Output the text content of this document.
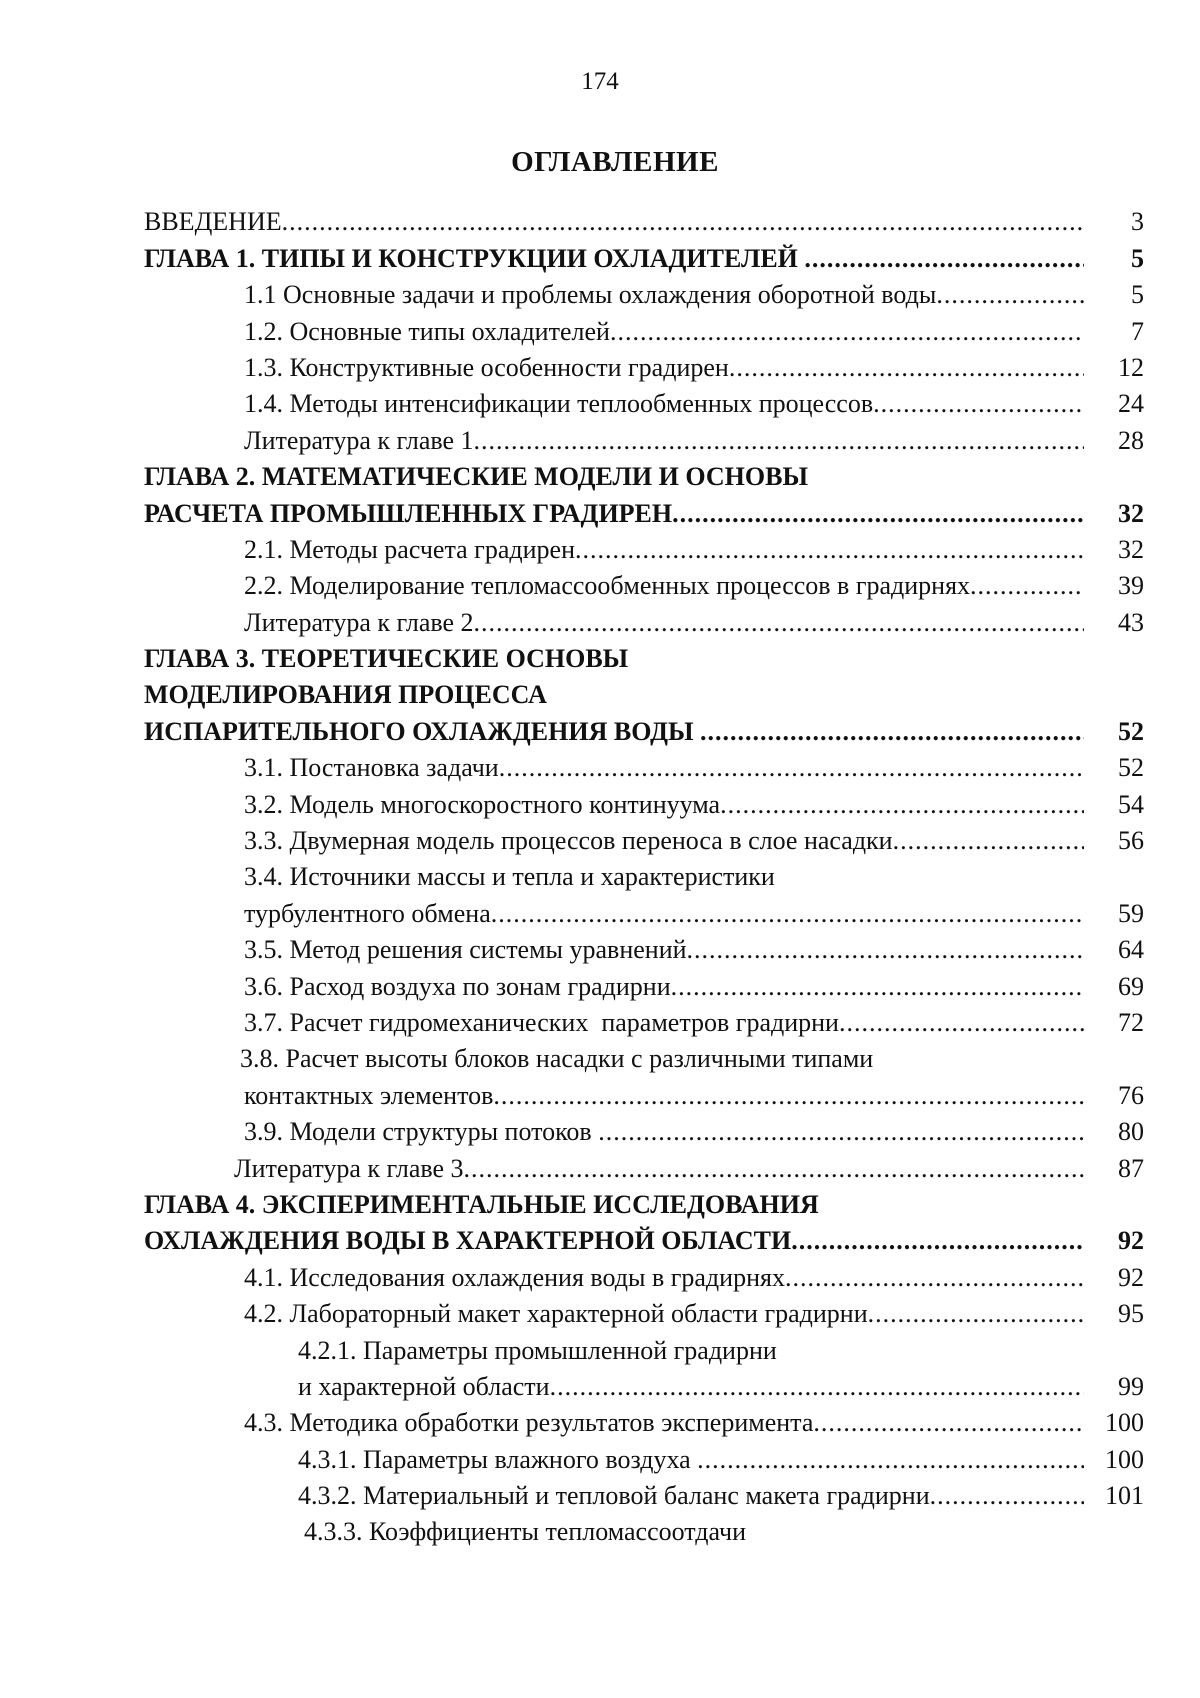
174
ОГЛАВЛЕНИЕ
ВВЕДЕНИЕ .....	3
ГЛАВА 1. ТИПЫ И КОНСТРУКЦИИ ОХЛАДИТЕЛЕЙ .....	5
1.1 Основные задачи и проблемы охлаждения оборотной воды .....	5
1.2. Основные типы охладителей .....	7
1.3. Конструктивные особенности градирен .....	12
1.4. Методы интенсификации теплообменных процессов .....	24
Литература к главе 1 .....	28
ГЛАВА 2. МАТЕМАТИЧЕСКИЕ МОДЕЛИ И ОСНОВЫ
РАСЧЕТА ПРОМЫШЛЕННЫХ ГРАДИРЕН .....	32
2.1. Методы расчета градирен .....	32
2.2. Моделирование тепломассообменных процессов в градирнях .....	39
Литература к главе 2 .....	43
ГЛАВА 3. ТЕОРЕТИЧЕСКИЕ ОСНОВЫ
МОДЕЛИРОВАНИЯ ПРОЦЕССА
ИСПАРИТЕЛЬНОГО ОХЛАЖДЕНИЯ ВОДЫ .....	52
3.1. Постановка задачи .....	52
3.2. Модель многоскоростного континуума .....	54
3.3. Двумерная модель процессов переноса в слое насадки .....	56
3.4. Источники массы и тепла и характеристики
турбулентного обмена .....	59
3.5. Метод решения системы уравнений .....	64
3.6. Расход воздуха по зонам градирни .....	69
3.7. Расчет гидромеханических  параметров градирни .....	72
3.8. Расчет высоты блоков насадки с различными типами
контактных элементов .....	76
3.9. Модели структуры потоков .....	80
Литература к главе 3 .....	87
ГЛАВА 4. ЭКСПЕРИМЕНТАЛЬНЫЕ ИССЛЕДОВАНИЯ
ОХЛАЖДЕНИЯ ВОДЫ В ХАРАКТЕРНОЙ ОБЛАСТИ .....	92
4.1. Исследования охлаждения воды в градирнях .....	92
4.2. Лабораторный макет характерной области градирни .....	95
4.2.1. Параметры промышленной градирни
и характерной области .....	99
4.3. Методика обработки результатов эксперимента .....	100
4.3.1. Параметры влажного воздуха .....	100
4.3.2. Материальный и тепловой баланс макета градирни .....	101
4.3.3. Коэффициенты тепломассоотдачи
